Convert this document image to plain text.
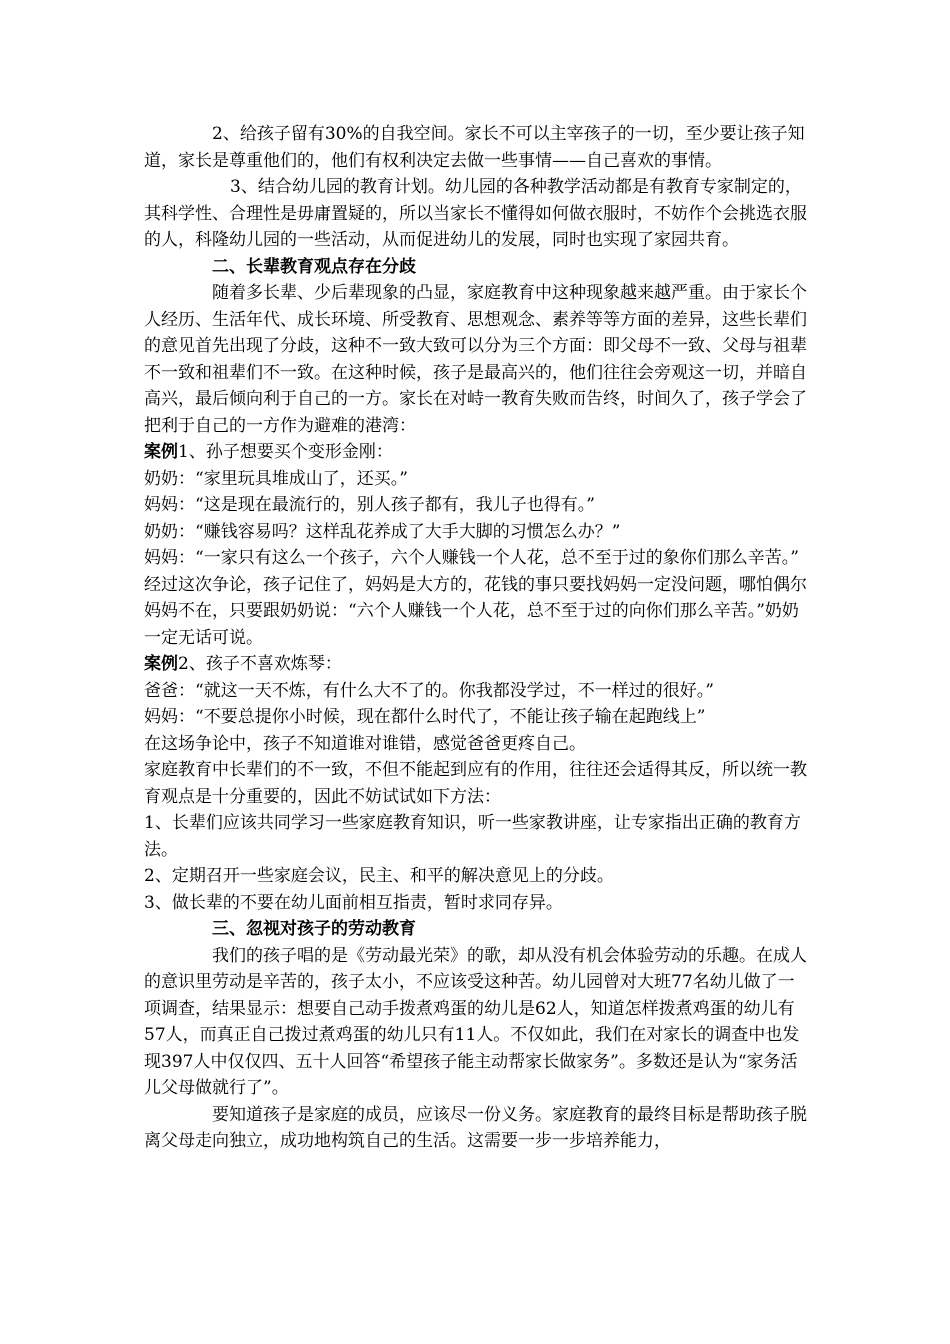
2、给孩子留有30%的自我空间。家长不可以主宰孩子的一切，至少要让孩子知道，家长是尊重他们的，他们有权利决定去做一些事情——自己喜欢的事情。

3、结合幼儿园的教育计划。幼儿园的各种教学活动都是有教育专家制定的，其科学性、合理性是毋庸置疑的，所以当家长不懂得如何做衣服时，不妨作个会挑选衣服的人，科隆幼儿园的一些活动，从而促进幼儿的发展，同时也实现了家园共育。

二、长辈教育观点存在分歧

随着多长辈、少后辈现象的凸显，家庭教育中这种现象越来越严重。由于家长个人经历、生活年代、成长环境、所受教育、思想观念、素养等等方面的差异，这些长辈们的意见首先出现了分歧，这种不一致大致可以分为三个方面：即父母不一致、父母与祖辈不一致和祖辈们不一致。在这种时候，孩子是最高兴的，他们往往会旁观这一切，并暗自高兴，最后倾向利于自己的一方。家长在对峙一教育失败而告终，时间久了，孩子学会了把利于自己的一方作为避难的港湾：

案例1、孙子想要买个变形金刚：

奶奶：“家里玩具堆成山了，还买。”

妈妈：“这是现在最流行的，别人孩子都有，我儿子也得有。”

奶奶：“赚钱容易吗？这样乱花养成了大手大脚的习惯怎么办？”

妈妈：“一家只有这么一个孩子，六个人赚钱一个人花，总不至于过的象你们那么辛苦。”

经过这次争论，孩子记住了，妈妈是大方的，花钱的事只要找妈妈一定没问题，哪怕偶尔妈妈不在，只要跟奶奶说：“六个人赚钱一个人花，总不至于过的向你们那么辛苦。”奶奶一定无话可说。

案例2、孩子不喜欢炼琴：

爸爸：“就这一天不炼，有什么大不了的。你我都没学过，不一样过的很好。”

妈妈：“不要总提你小时候，现在都什么时代了，不能让孩子输在起跑线上”

在这场争论中，孩子不知道谁对谁错，感觉爸爸更疼自己。

家庭教育中长辈们的不一致，不但不能起到应有的作用，往往还会适得其反，所以统一教育观点是十分重要的，因此不妨试试如下方法：

1、长辈们应该共同学习一些家庭教育知识，听一些家教讲座，让专家指出正确的教育方法。

2、定期召开一些家庭会议，民主、和平的解决意见上的分歧。

3、做长辈的不要在幼儿面前相互指责，暂时求同存异。

三、忽视对孩子的劳动教育

我们的孩子唱的是《劳动最光荣》的歌，却从没有机会体验劳动的乐趣。在成人的意识里劳动是辛苦的，孩子太小，不应该受这种苦。幼儿园曾对大班77名幼儿做了一项调查，结果显示：想要自己动手拨煮鸡蛋的幼儿是62人，知道怎样拨煮鸡蛋的幼儿有57人，而真正自己拨过煮鸡蛋的幼儿只有11人。不仅如此，我们在对家长的调查中也发现397人中仅仅四、五十人回答“希望孩子能主动帮家长做家务”。多数还是认为“家务活儿父母做就行了”。

要知道孩子是家庭的成员，应该尽一份义务。家庭教育的最终目标是帮助孩子脱离父母走向独立，成功地构筑自己的生活。这需要一步一步培养能力，
